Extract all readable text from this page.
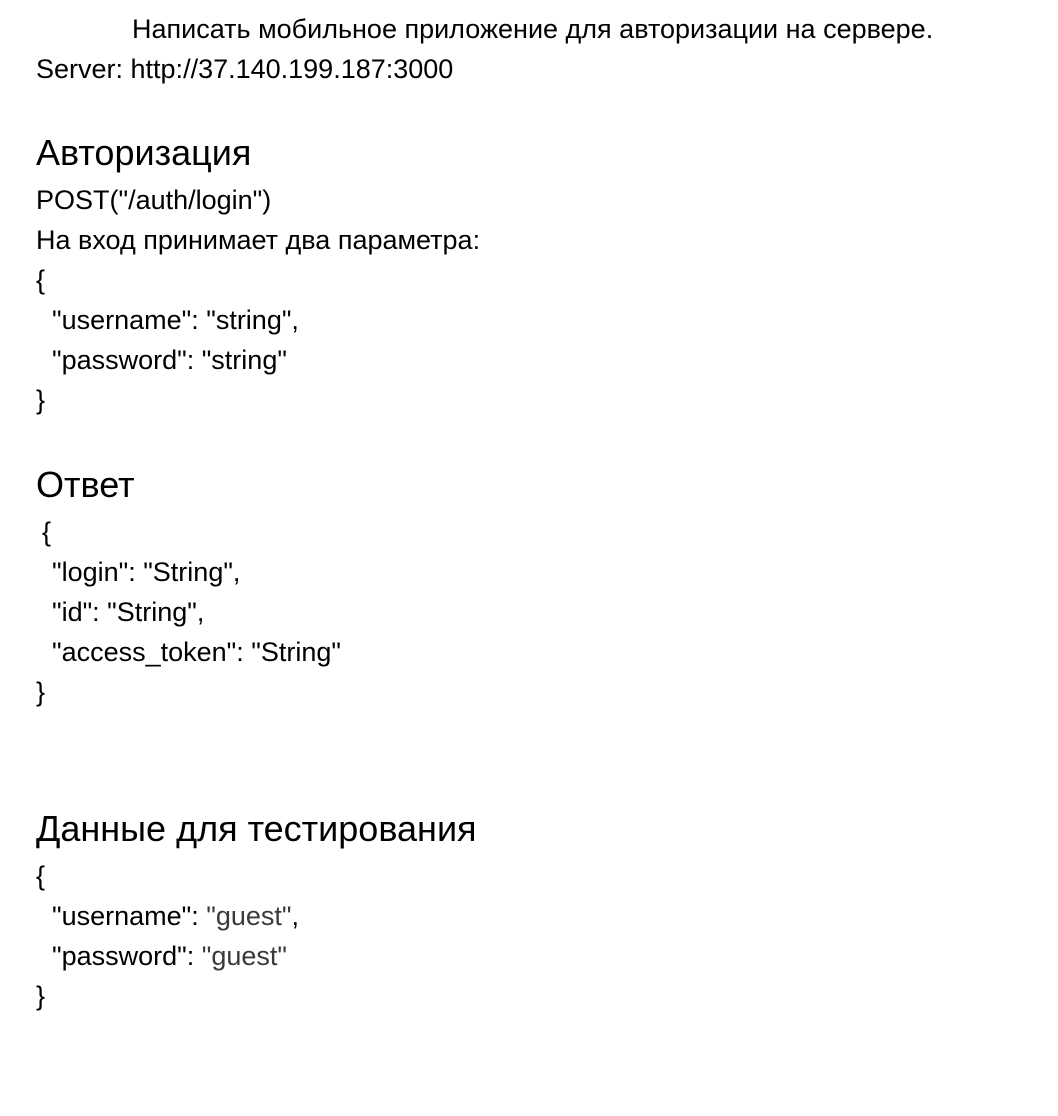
Написать мобильное приложение для авторизации на сервере.
Server: http://37.140.199.187:3000
Авторизация
POST("/auth/login")
На вход принимает два параметра:
{
"username": "string",
"password": "string"
}
Ответ
{
"login": "String",
"id": "String",
"access_token": "String"
}
Данные для тестирования
{
"username": "guest",
"password": "guest"
}
